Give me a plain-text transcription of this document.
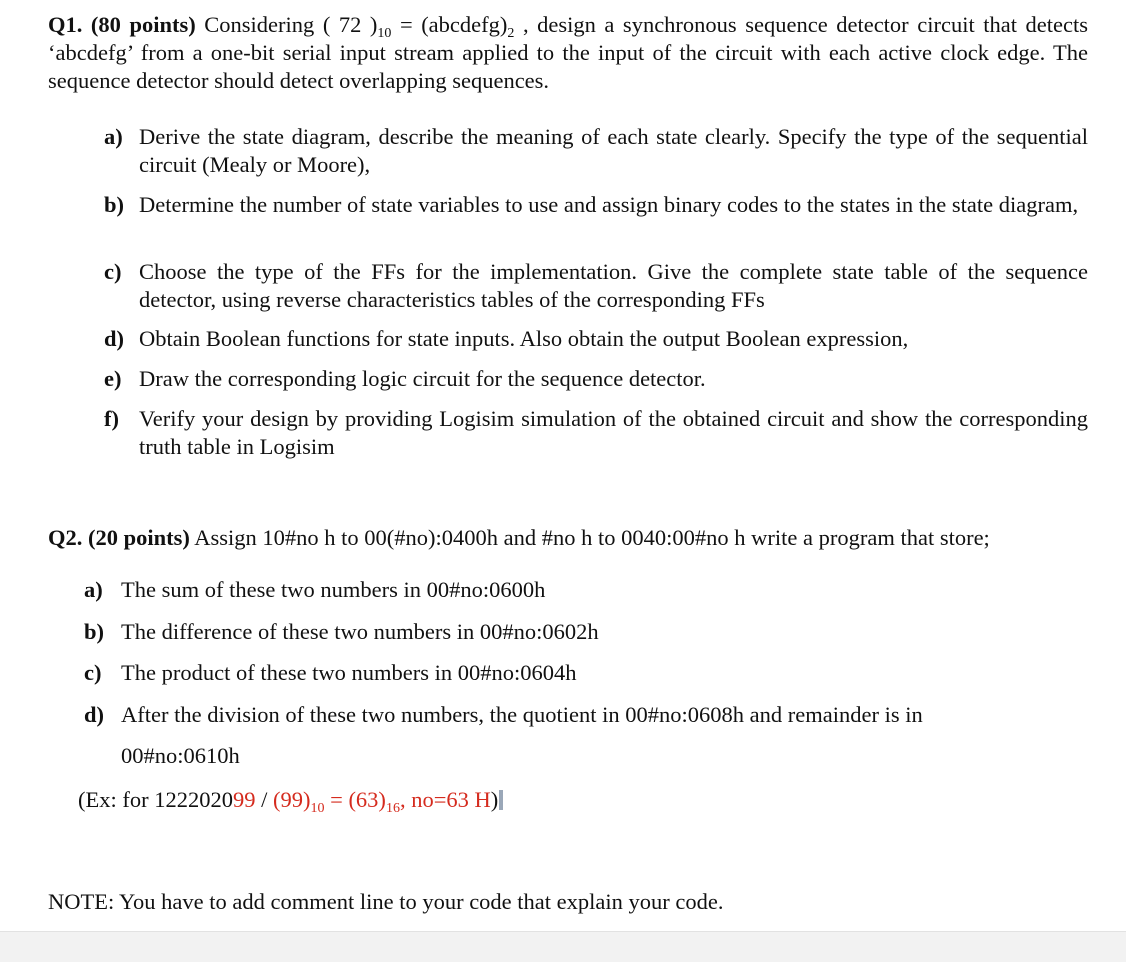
Q1. (80 points) Considering ( 72 )$_{10}$ = $(abcdefg)_2$ , design a synchronous sequence detector circuit that detects ‘abcdefg’ from a one-bit serial input stream applied to the input of the circuit with each active clock edge. The sequence detector should detect overlapping sequences.
a) Derive the state diagram, describe the meaning of each state clearly. Specify the type of the sequential circuit (Mealy or Moore),
b) Determine the number of state variables to use and assign binary codes to the states in the state diagram,
c) Choose the type of the FFs for the implementation. Give the complete state table of the sequence detector, using reverse characteristics tables of the corresponding FFs
d) Obtain Boolean functions for state inputs. Also obtain the output Boolean expression,
e) Draw the corresponding logic circuit for the sequence detector.
f) Verify your design by providing Logisim simulation of the obtained circuit and show the corresponding truth table in Logisim
Q2. (20 points) Assign 10#no h to 00(#no):0400h and #no h to 0040:00#no h write a program that store;
a) The sum of these two numbers in 00#no:0600h
b) The difference of these two numbers in 00#no:0602h
c) The product of these two numbers in 00#no:0604h
d) After the division of these two numbers, the quotient in 00#no:0608h and remainder is in
00#no:0610h
(Ex: for $122202099 / (99)_{10} = (63)_{16}$, no=63 H)
NOTE: You have to add comment line to your code that explain your code.
